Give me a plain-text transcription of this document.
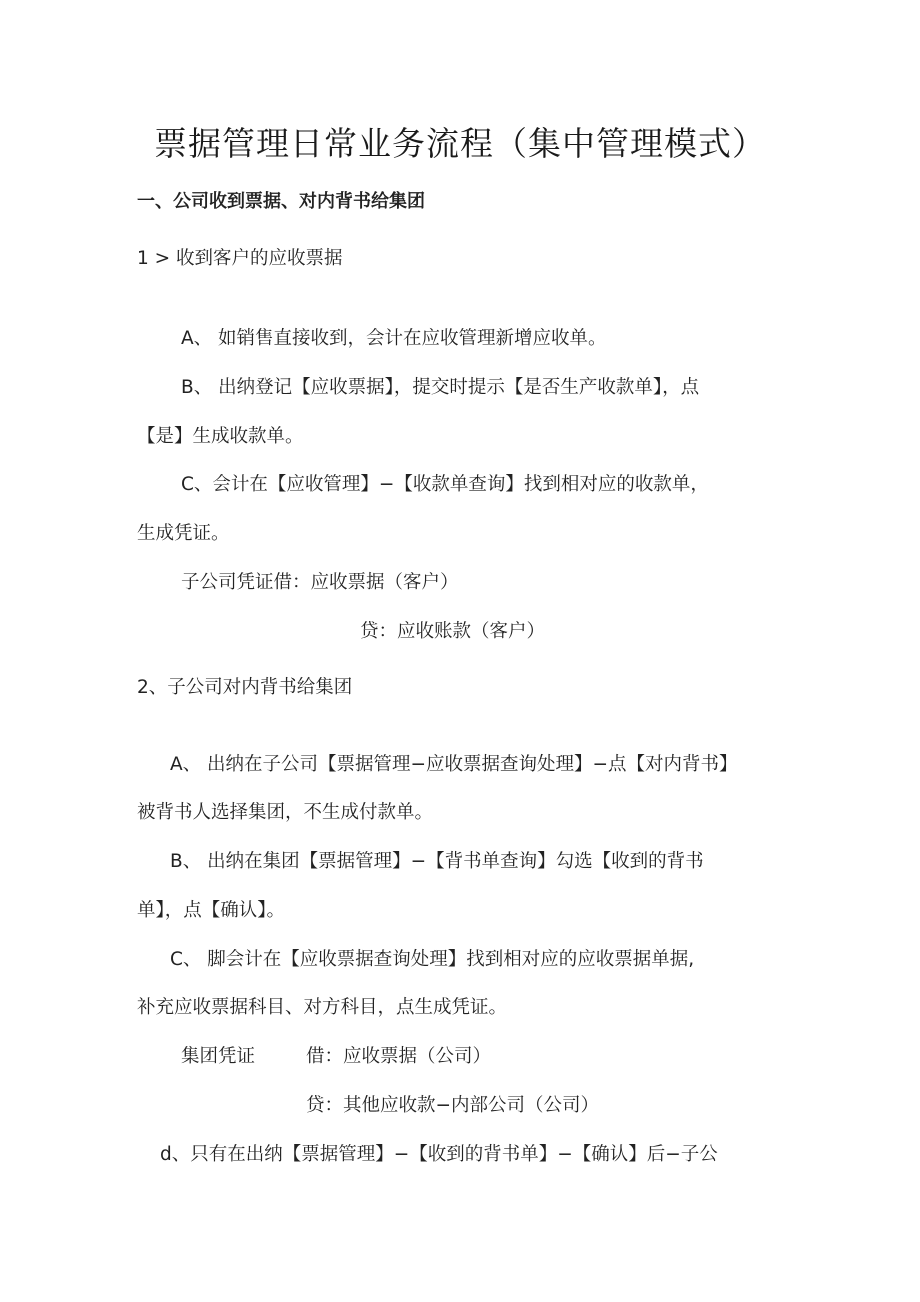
票据管理日常业务流程（集中管理模式）
一、公司收到票据、对内背书给集团
1 > 收到客户的应收票据
A、 如销售直接收到，会计在应收管理新增应收单。
B、 出纳登记【应收票据】，提交时提示【是否生产收款单】，点
【是】生成收款单。
C、会计在【应收管理】−【收款单查询】找到相对应的收款单，
生成凭证。
子公司凭证借：应收票据（客户）
贷：应收账款（客户）
2、子公司对内背书给集团
A、 出纳在子公司【票据管理−应收票据查询处理】−点【对内背书】
被背书人选择集团，不生成付款单。
B、 出纳在集团【票据管理】−【背书单查询】勾选【收到的背书
单】，点【确认】。
C、 脚会计在【应收票据查询处理】找到相对应的应收票据单据,
补充应收票据科目、对方科目，点生成凭证。
集团凭证	借：应收票据（公司）
贷：其他应收款−内部公司（公司）
d、只有在出纳【票据管理】−【收到的背书单】−【确认】后−子公
